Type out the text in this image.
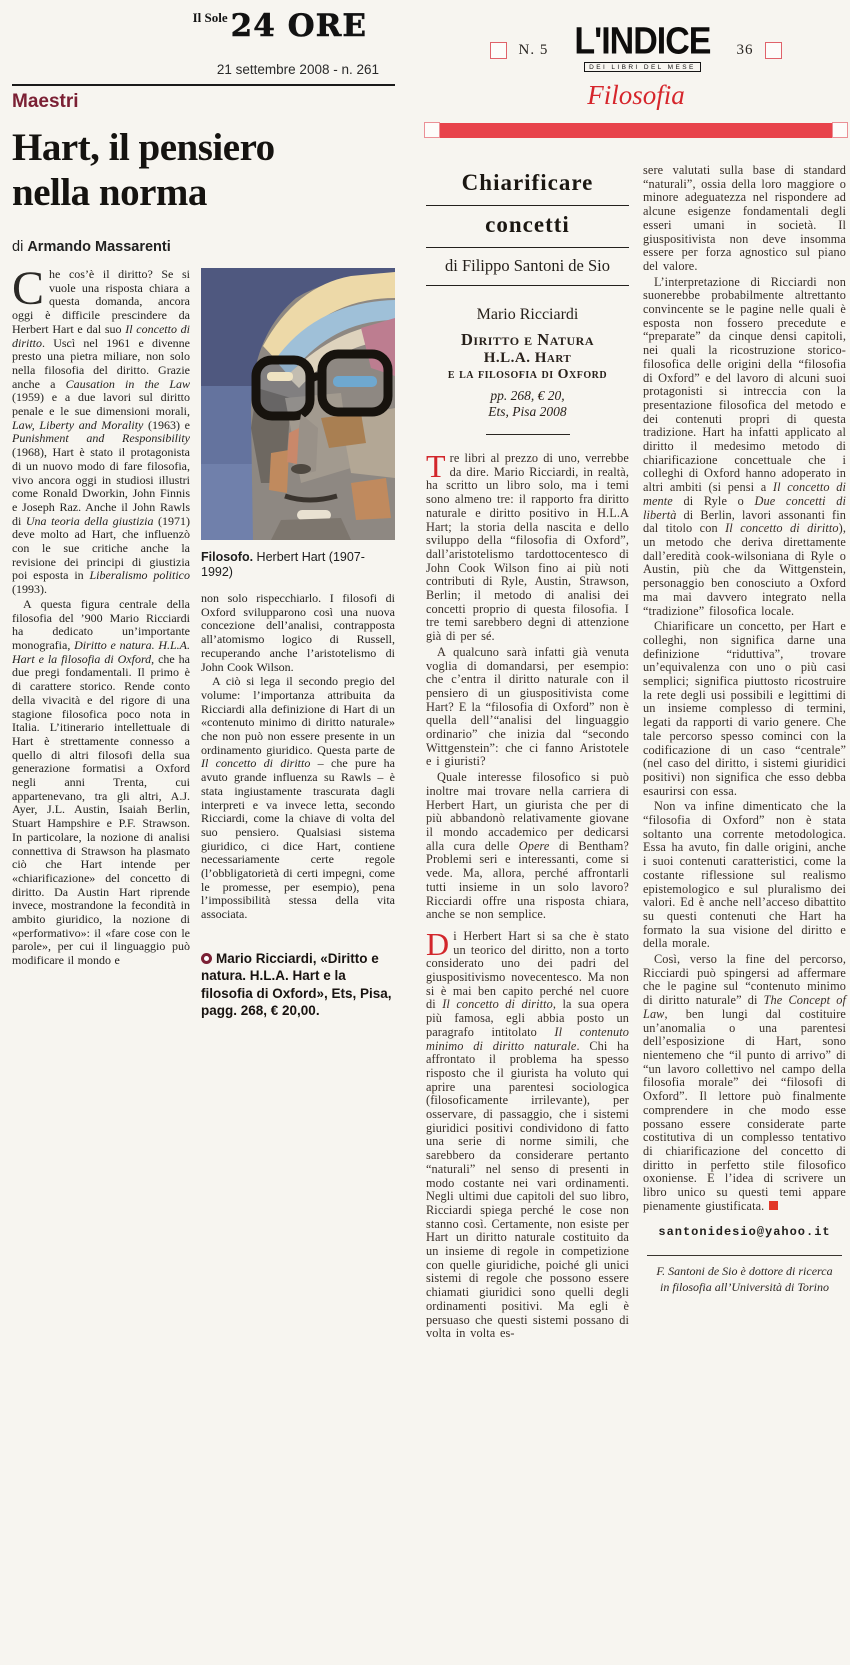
$^{Il Sole}$24 ORE
21 settembre 2008 - n. 261
Maestri
Hart, il pensiero nella norma
di Armando Massarenti

Che cos’è il diritto? Se si vuole una risposta chiara a questa domanda, ancora oggi è difficile prescindere da Herbert Hart e dal suo Il concetto di diritto. Uscì nel 1961 e divenne presto una pietra miliare, non solo nella filosofia del diritto. Grazie anche a Causation in the Law (1959) e a due lavori sul diritto penale e le sue dimensioni morali, Law, Liberty and Morality (1963) e Punishment and Responsibility (1968), Hart è stato il protagonista di un nuovo modo di fare filosofia, vivo ancora oggi in studiosi illustri come Ronald Dworkin, John Finnis e Joseph Raz. Anche il John Rawls di Una teoria della giustizia (1971) deve molto ad Hart, che influenzò con le sue critiche anche la revisione dei principi di giustizia poi esposta in Liberalismo politico (1993).

A questa figura centrale della filosofia del ’900 Mario Ricciardi ha dedicato un’importante monografia, Diritto e natura. H.L.A. Hart e la filosofia di Oxford, che ha due pregi fondamentali. Il primo è di carattere storico. Rende conto della vivacità e del rigore di una stagione filosofica poco nota in Italia. L’itinerario intellettuale di Hart è strettamente connesso a quello di altri filosofi della sua generazione formatisi a Oxford negli anni Trenta, cui appartenevano, tra gli altri, A.J. Ayer, J.L. Austin, Isaiah Berlin, Stuart Hampshire e P.F. Strawson. In particolare, la nozione di analisi connettiva di Strawson ha plasmato ciò che Hart intende per «chiarificazione» del concetto di diritto. Da Austin Hart riprende invece, mostrandone la fecondità in ambito giuridico, la nozione di «performativo»: il «fare cose con le parole», per cui il linguaggio può modificare il mondo e

Filosofo. Herbert Hart (1907-1992)

non solo rispecchiarlo. I filosofi di Oxford svilupparono così una nuova concezione dell’analisi, contrapposta all’atomismo logico di Russell, recuperando anche l’aristotelismo di John Cook Wilson.

A ciò si lega il secondo pregio del volume: l’importanza attribuita da Ricciardi alla definizione di Hart di un «contenuto minimo di diritto naturale» che non può non essere presente in un ordinamento giuridico. Questa parte de Il concetto di diritto – che pure ha avuto grande influenza su Rawls – è stata ingiustamente trascurata dagli interpreti e va invece letta, secondo Ricciardi, come la chiave di volta del suo pensiero. Qualsiasi sistema giuridico, ci dice Hart, contiene necessariamente certe regole (l’obbligatorietà di certi impegni, come le promesse, per esempio), pena l’impossibilità stessa della vita associata.

Mario Ricciardi, «Diritto e natura. H.L.A. Hart e la filosofia di Oxford», Ets, Pisa, pagg. 268, € 20,00.
N. 5 L'INDICE
DEI LIBRI DEL MESE
36
Filosofia
Chiarificare
concetti
di Filippo Santoni de Sio
Mario Ricciardi
Diritto e Natura
H.L.A. Hart
e la filosofia di Oxford
pp. 268, € 20,
Ets, Pisa 2008

Tre libri al prezzo di uno, verrebbe da dire. Mario Ricciardi, in realtà, ha scritto un libro solo, ma i temi sono almeno tre: il rapporto fra diritto naturale e diritto positivo in H.L.A Hart; la storia della nascita e dello sviluppo della “filosofia di Oxford”, dall’aristotelismo tardottocentesco di John Cook Wilson fino ai più noti contributi di Ryle, Austin, Strawson, Berlin; il metodo di analisi dei concetti proprio di questa filosofia. I tre temi sarebbero degni di attenzione già di per sé.

A qualcuno sarà infatti già venuta voglia di domandarsi, per esempio: che c’entra il diritto naturale con il pensiero di un giuspositivista come Hart? E la “filosofia di Oxford” non è quella dell’“analisi del linguaggio ordinario” che inizia dal “secondo Wittgenstein”: che ci fanno Aristotele e i giuristi?

Quale interesse filosofico si può inoltre mai trovare nella carriera di Herbert Hart, un giurista che per di più abbandonò relativamente giovane il mondo accademico per dedicarsi alla cura delle Opere di Bentham? Problemi seri e interessanti, come si vede. Ma, allora, perché affrontarli tutti insieme in un solo lavoro? Ricciardi offre una risposta chiara, anche se non semplice.

Di Herbert Hart si sa che è stato un teorico del diritto, non a torto considerato uno dei padri del giuspositivismo novecentesco. Ma non si è mai ben capito perché nel cuore di Il concetto di diritto, la sua opera più famosa, egli abbia posto un paragrafo intitolato Il contenuto minimo di diritto naturale. Chi ha affrontato il problema ha spesso risposto che il giurista ha voluto qui aprire una parentesi sociologica (filosoficamente irrilevante), per osservare, di passaggio, che i sistemi giuridici positivi condividono di fatto una serie di norme simili, che sarebbero da considerare pertanto “naturali” nel senso di presenti in modo costante nei vari ordinamenti. Negli ultimi due capitoli del suo libro, Ricciardi spiega perché le cose non stanno così. Certamente, non esiste per Hart un diritto naturale costituito da un insieme di regole in competizione con quelle giuridiche, poiché gli unici sistemi di regole che possono essere chiamati giuridici sono quelli degli ordinamenti positivi. Ma egli è persuaso che questi sistemi possano di volta in volta es-

sere valutati sulla base di standard “naturali”, ossia della loro maggiore o minore adeguatezza nel rispondere ad alcune esigenze fondamentali degli esseri umani in società. Il giuspositivista non deve insomma essere per forza agnostico sul piano del valore.

L’interpretazione di Ricciardi non suonerebbe probabilmente altrettanto convincente se le pagine nelle quali è esposta non fossero precedute e “preparate” da cinque densi capitoli, nei quali la ricostruzione storico-filosofica delle origini della “filosofia di Oxford” e del lavoro di alcuni suoi protagonisti si intreccia con la presentazione filosofica del metodo e dei contenuti propri di questa tradizione. Hart ha infatti applicato al diritto il medesimo metodo di chiarificazione concettuale che i colleghi di Oxford hanno adoperato in altri ambiti (si pensi a Il concetto di mente di Ryle o Due concetti di libertà di Berlin, lavori assonanti fin dal titolo con Il concetto di diritto), un metodo che deriva direttamente dall’eredità cook-wilsoniana di Ryle o Austin, più che da Wittgenstein, personaggio ben conosciuto a Oxford ma mai davvero integrato nella “tradizione” filosofica locale.

Chiarificare un concetto, per Hart e colleghi, non significa darne una definizione “riduttiva”, trovare un’equivalenza con uno o più casi semplici; significa piuttosto ricostruire la rete degli usi possibili e legittimi di un insieme complesso di termini, legati da rapporti di vario genere. Che tale percorso spesso cominci con la codificazione di un caso “centrale” (nel caso del diritto, i sistemi giuridici positivi) non significa che esso debba esaurirsi con essa.

Non va infine dimenticato che la “filosofia di Oxford” non è stata soltanto una corrente metodologica. Essa ha avuto, fin dalle origini, anche i suoi contenuti caratteristici, come la costante riflessione sul realismo epistemologico e sul pluralismo dei valori. Ed è anche nell’acceso dibattito su questi contenuti che Hart ha formato la sua visione del diritto e della morale.

Così, verso la fine del percorso, Ricciardi può spingersi ad affermare che le pagine sul “contenuto minimo di diritto naturale” di The Concept of Law, ben lungi dal costituire un’anomalia o una parentesi dell’esposizione di Hart, sono nientemeno che “il punto di arrivo” di “un lavoro collettivo nel campo della filosofia morale” dei “filosofi di Oxford”. Il lettore può finalmente comprendere in che modo esse possano essere considerate parte costitutiva di un complesso tentativo di chiarificazione del concetto di diritto in perfetto stile filosofico oxoniense. E l’idea di scrivere un libro unico su questi temi appare pienamente giustificata.

santonidesio@yahoo.it
F. Santoni de Sio è dottore di ricerca
in filosofia all’Università di Torino
